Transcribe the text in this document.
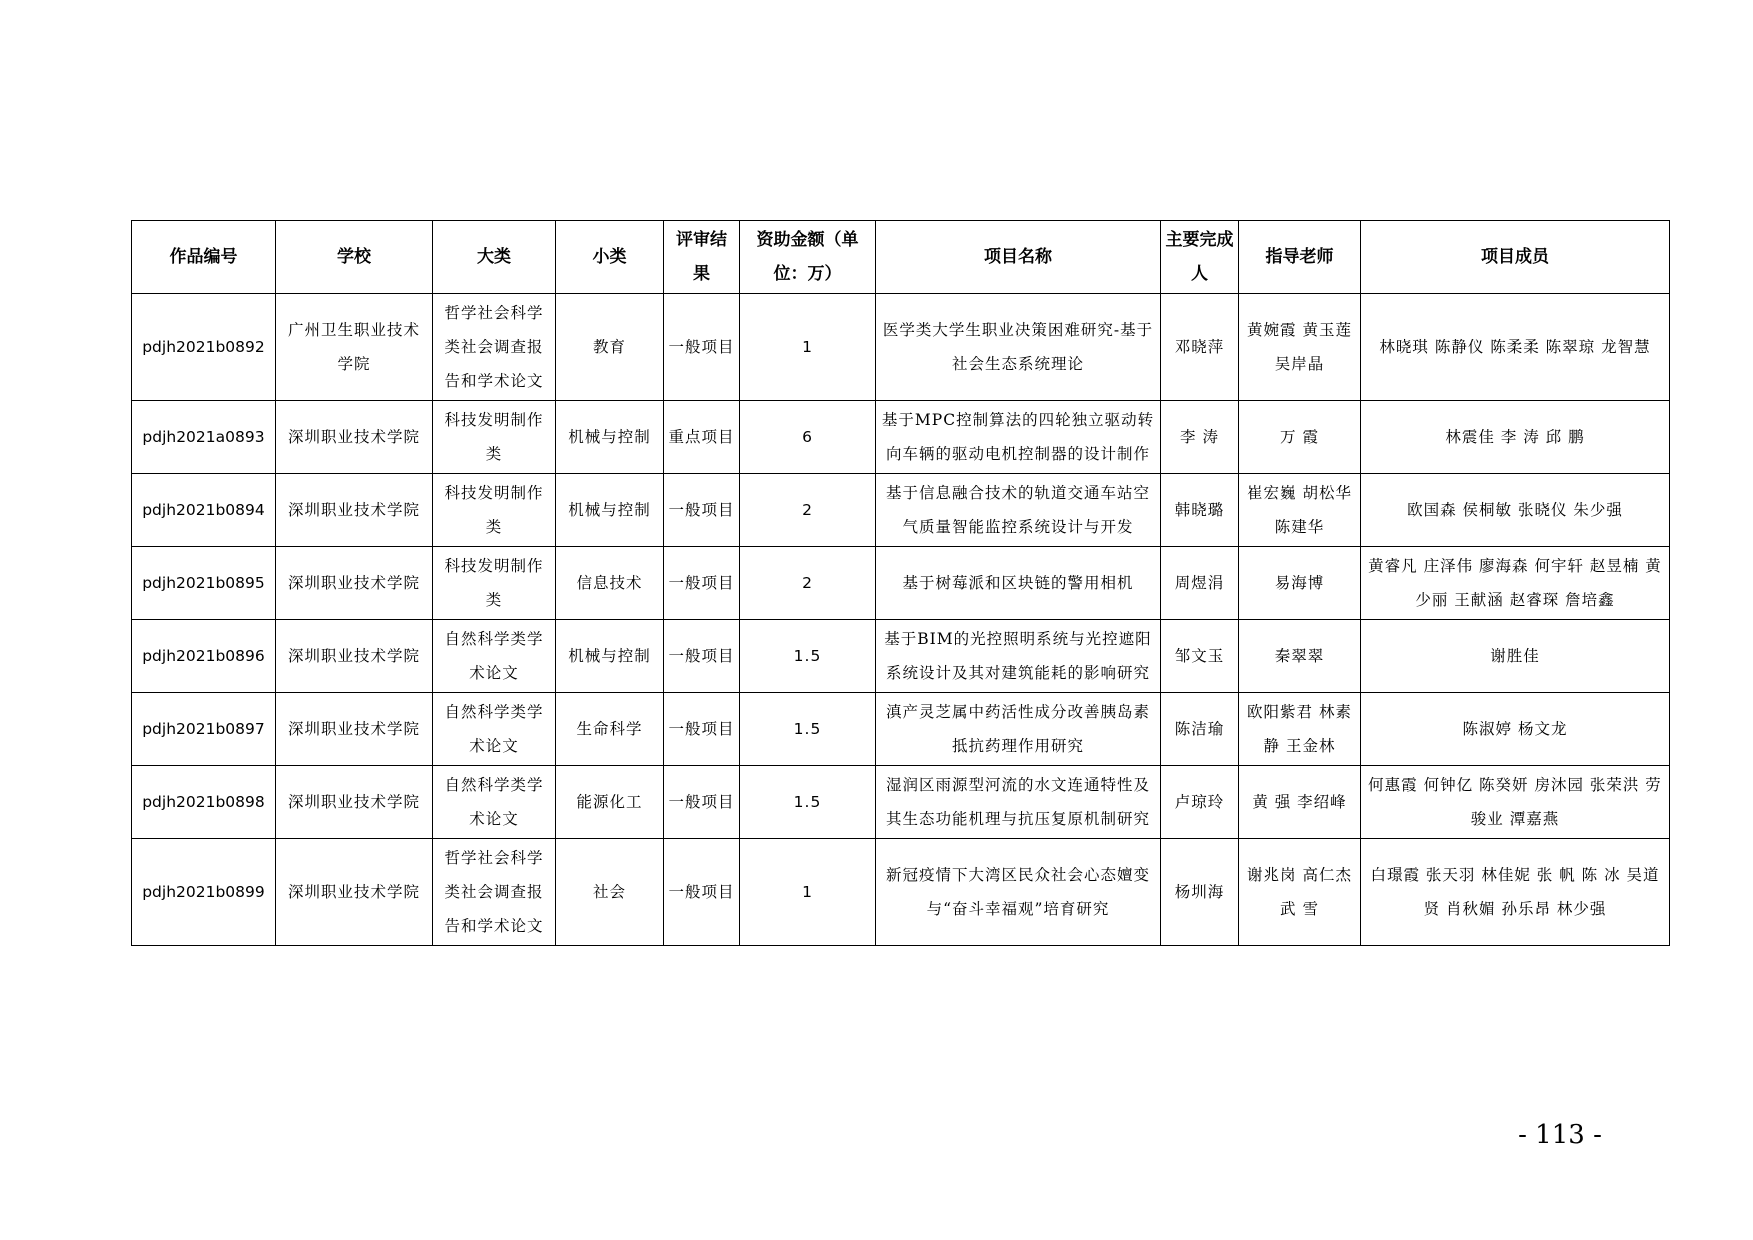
作品编号	学校	大类	小类	评审结果	资助金额（单位：万）	项目名称	主要完成人	指导老师	项目成员
pdjh2021b0892	广州卫生职业技术学院	哲学社会科学类社会调查报告和学术论文	教育	一般项目	1	医学类大学生职业决策困难研究-基于社会生态系统理论	邓晓萍	黄婉霞 黄玉莲 吴岸晶	林晓琪 陈静仪 陈柔柔 陈翠琼 龙智慧
pdjh2021a0893	深圳职业技术学院	科技发明制作类	机械与控制	重点项目	6	基于MPC控制算法的四轮独立驱动转向车辆的驱动电机控制器的设计制作	李 涛	万 霞	林震佳 李 涛 邱 鹏
pdjh2021b0894	深圳职业技术学院	科技发明制作类	机械与控制	一般项目	2	基于信息融合技术的轨道交通车站空气质量智能监控系统设计与开发	韩晓璐	崔宏巍 胡松华 陈建华	欧国森 侯桐敏 张晓仪 朱少强
pdjh2021b0895	深圳职业技术学院	科技发明制作类	信息技术	一般项目	2	基于树莓派和区块链的警用相机	周煜涓	易海博	黄睿凡 庄泽伟 廖海森 何宇轩 赵昱楠 黄少丽 王献涵 赵睿琛 詹培鑫
pdjh2021b0896	深圳职业技术学院	自然科学类学术论文	机械与控制	一般项目	1.5	基于BIM的光控照明系统与光控遮阳系统设计及其对建筑能耗的影响研究	邹文玉	秦翠翠	谢胜佳
pdjh2021b0897	深圳职业技术学院	自然科学类学术论文	生命科学	一般项目	1.5	滇产灵芝属中药活性成分改善胰岛素抵抗药理作用研究	陈洁瑜	欧阳紫君 林素静 王金林	陈淑婷 杨文龙
pdjh2021b0898	深圳职业技术学院	自然科学类学术论文	能源化工	一般项目	1.5	湿润区雨源型河流的水文连通特性及其生态功能机理与抗压复原机制研究	卢琼玲	黄 强 李绍峰	何惠霞 何钟亿 陈癸妍 房沐园 张荣洪 劳骏业 潭嘉燕
pdjh2021b0899	深圳职业技术学院	哲学社会科学类社会调查报告和学术论文	社会	一般项目	1	新冠疫情下大湾区民众社会心态嬗变与“奋斗幸福观”培育研究	杨圳海	谢兆岗 高仁杰 武 雪	白璟霞 张天羽 林佳妮 张 帆 陈 冰 吴道贤 肖秋媚 孙乐昂 林少强
- 113 -
